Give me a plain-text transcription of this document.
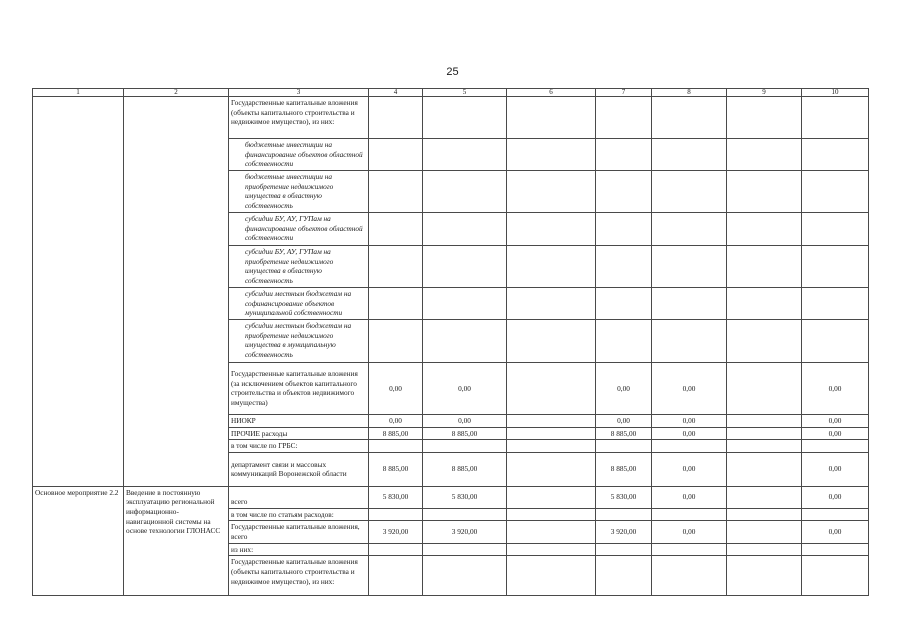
25
1	2	3	4	5	6	7	8	9	10
		Государственные капитальные вложения (объекты капитального строительства и недвижимое имущество), из них:							
		бюджетные инвестиции на финансирование объектов областной собственности							
		бюджетные инвестиции на приобретение недвижимого имущества в областную собственность							
		субсидии БУ, АУ, ГУПам на финансирование объектов областной собственности							
		субсидии БУ, АУ, ГУПам на приобретение недвижимого имущества в областную собственность							
		субсидии местным бюджетам на софинансирование объектов муниципальной собственности							
		субсидии местным бюджетам на приобретение недвижимого имущества в муниципальную собственность							
		Государственные капитальные вложения (за исключением объектов капитального строительства и объектов недвижимого имущества)	0,00	0,00		0,00	0,00		0,00
		НИОКР	0,00	0,00		0,00	0,00		0,00
		ПРОЧИЕ расходы	8 885,00	8 885,00		8 885,00	0,00		0,00
		в том числе по ГРБС:							
		департамент связи и массовых коммуникаций Воронежской области	8 885,00	8 885,00		8 885,00	0,00		0,00
Основное мероприятие 2.2	Введение в постоянную эксплуатацию региональной информационно-навигационной системы на основе технологии ГЛОНАСС	всего	5 830,00	5 830,00		5 830,00	0,00		0,00
		в том числе по статьям расходов:							
		Государственные капитальные вложения, всего	3 920,00	3 920,00		3 920,00	0,00		0,00
		из них:							
		Государственные капитальные вложения (объекты капитального строительства и недвижимое имущество), из них:							
